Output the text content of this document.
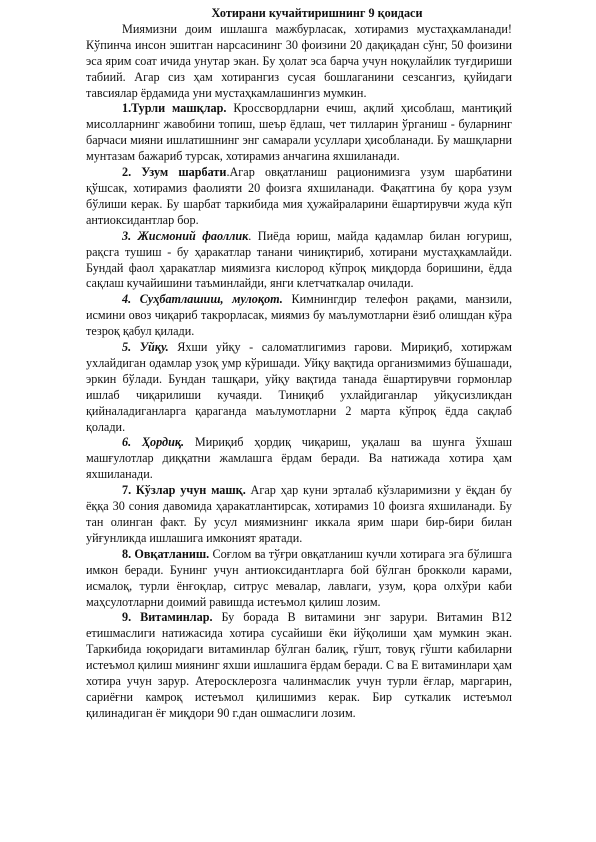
Хотирани кучайтиришнинг 9 қоидаси

Миямизни доим ишлашга мажбурласак, хотирамиз мустаҳкамланади! Кўпинча инсон эшитган нарсасининг 30 фоизини 20 дақиқадан сўнг, 50 фоизини эса ярим соат ичида унутар экан. Бу ҳолат эса барча учун ноқулайлик туғдириши табиий. Агар сиз ҳам хотирангиз сусая бошлаганини сезсангиз, қуйидаги тавсиялар ёрдамида уни мустаҳкамлашингиз мумкин.

1.Турли машқлар. Кроссвордларни ечиш, ақлий ҳисоблаш, мантиқий мисолларнинг жавобини топиш, шеър ёдлаш, чет тилларин ўрганиш - буларнинг барчаси мияни ишлатишнинг энг самарали усуллари ҳисобланади. Бу машқларни мунтазам бажариб турсак, хотирамиз анчагина яхшиланади.

2. Узум шарбати.Агар овқатланиш рационимизга узум шарбатини қўшсак, хотирамиз фаолияти 20 фоизга яхшиланади. Фақатгина бу қора узум бўлиши керак. Бу шарбат таркибида мия ҳужайраларини ёшартирувчи жуда кўп антиоксидантлар бор.

3. Жисмоний фаоллик. Пиёда юриш, майда қадамлар билан югуриш, рақсга тушиш - бу ҳаракатлар танани чиниқтириб, хотирани мустаҳкамлайди. Бундай фаол ҳаракатлар миямизга кислород кўпроқ миқдорда боришини, ёдда сақлаш кучайишини таъминлайди, янги клетчаткалар очилади.

4. Суҳбатлашиш, мулоқот. Кимнингдир телефон рақами, манзили, исмини овоз чиқариб такрорласак, миямиз бу маълумотларни ёзиб олишдан кўра тезроқ қабул қилади.

5. Уйқу. Яхши уйқу - саломатлигимиз гарови. Мириқиб, хотиржам ухлайдиган одамлар узоқ умр кўришади. Уйқу вақтида организмимиз бўшашади, эркин бўлади. Бундан ташқари, уйқу вақтида танада ёшартирувчи гормонлар ишлаб чиқарилиши кучаяди. Тиниқиб ухлайдиганлар уйқусизликдан қийналадиганларга қараганда маълумотларни 2 марта кўпроқ ёдда сақлаб қолади.

6. Ҳордиқ. Мириқиб ҳордиқ чиқариш, уқалаш ва шунга ўхшаш машғулотлар диққатни жамлашга ёрдам беради. Ва натижада хотира ҳам яхшиланади.

7. Кўзлар учун машқ. Агар ҳар куни эрталаб кўзларимизни у ёқдан бу ёққа 30 сония давомида ҳаракатлантирсак, хотирамиз 10 фоизга яхшиланади. Бу тан олинган факт. Бу усул миямизнинг иккала ярим шари бир-бири билан уйғунликда ишлашига имконият яратади.

8. Овқатланиш. Соғлом ва тўғри овқатланиш кучли хотирага эга бўлишга имкон беради. Бунинг учун антиоксидантларга бой бўлган брокколи карами, исмалоқ, турли ёнғоқлар, ситрус мевалар, лавлаги, узум, қора олхўри каби маҳсулотларни доимий равишда истеъмол қилиш лозим.

9. Витаминлар. Бу борада В витамини энг зарури. Витамин В12 етишмаслиги натижасида хотира сусайиши ёки йўқолиши ҳам мумкин экан. Таркибида юқоридаги витаминлар бўлган балиқ, гўшт, товуқ гўшти кабиларни истеъмол қилиш миянинг яхши ишлашига ёрдам беради. С ва Е витаминлари ҳам хотира учун зарур. Атеросклерозга чалинмаслик учун турли ёғлар, маргарин, сариёғни камроқ истеъмол қилишимиз керак. Бир суткалик истеъмол қилинадиган ёғ миқдори 90 г.дан ошмаслиги лозим.
